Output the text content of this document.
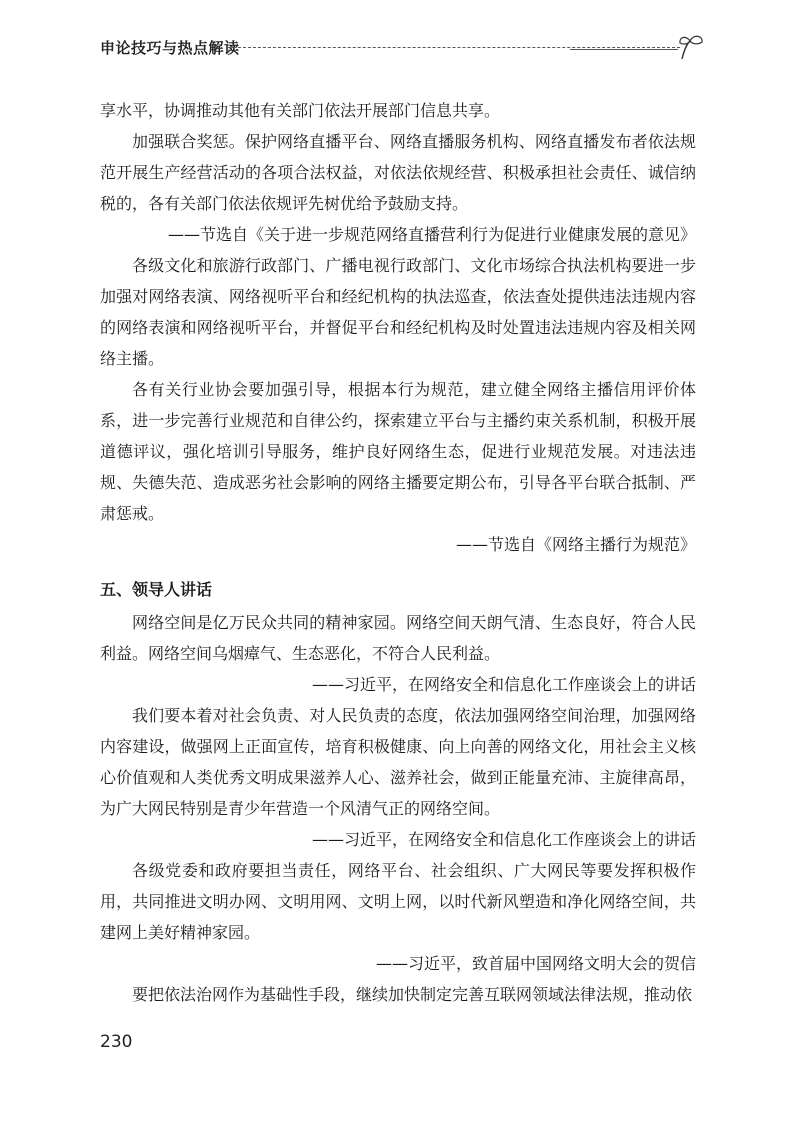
申论技巧与热点解读

享水平，协调推动其他有关部门依法开展部门信息共享。

加强联合奖惩。保护网络直播平台、网络直播服务机构、网络直播发布者依法规范开展生产经营活动的各项合法权益，对依法依规经营、积极承担社会责任、诚信纳税的，各有关部门依法依规评先树优给予鼓励支持。

——节选自《关于进一步规范网络直播营利行为促进行业健康发展的意见》

各级文化和旅游行政部门、广播电视行政部门、文化市场综合执法机构要进一步加强对网络表演、网络视听平台和经纪机构的执法巡查，依法查处提供违法违规内容的网络表演和网络视听平台，并督促平台和经纪机构及时处置违法违规内容及相关网络主播。

各有关行业协会要加强引导，根据本行为规范，建立健全网络主播信用评价体系，进一步完善行业规范和自律公约，探索建立平台与主播约束关系机制，积极开展道德评议，强化培训引导服务，维护良好网络生态，促进行业规范发展。对违法违规、失德失范、造成恶劣社会影响的网络主播要定期公布，引导各平台联合抵制、严肃惩戒。

——节选自《网络主播行为规范》

五、领导人讲话

网络空间是亿万民众共同的精神家园。网络空间天朗气清、生态良好，符合人民利益。网络空间乌烟瘴气、生态恶化，不符合人民利益。

——习近平，在网络安全和信息化工作座谈会上的讲话

我们要本着对社会负责、对人民负责的态度，依法加强网络空间治理，加强网络内容建设，做强网上正面宣传，培育积极健康、向上向善的网络文化，用社会主义核心价值观和人类优秀文明成果滋养人心、滋养社会，做到正能量充沛、主旋律高昂，为广大网民特别是青少年营造一个风清气正的网络空间。

——习近平，在网络安全和信息化工作座谈会上的讲话

各级党委和政府要担当责任，网络平台、社会组织、广大网民等要发挥积极作用，共同推进文明办网、文明用网、文明上网，以时代新风塑造和净化网络空间，共建网上美好精神家园。

——习近平，致首届中国网络文明大会的贺信

要把依法治网作为基础性手段，继续加快制定完善互联网领域法律法规，推动依

230
